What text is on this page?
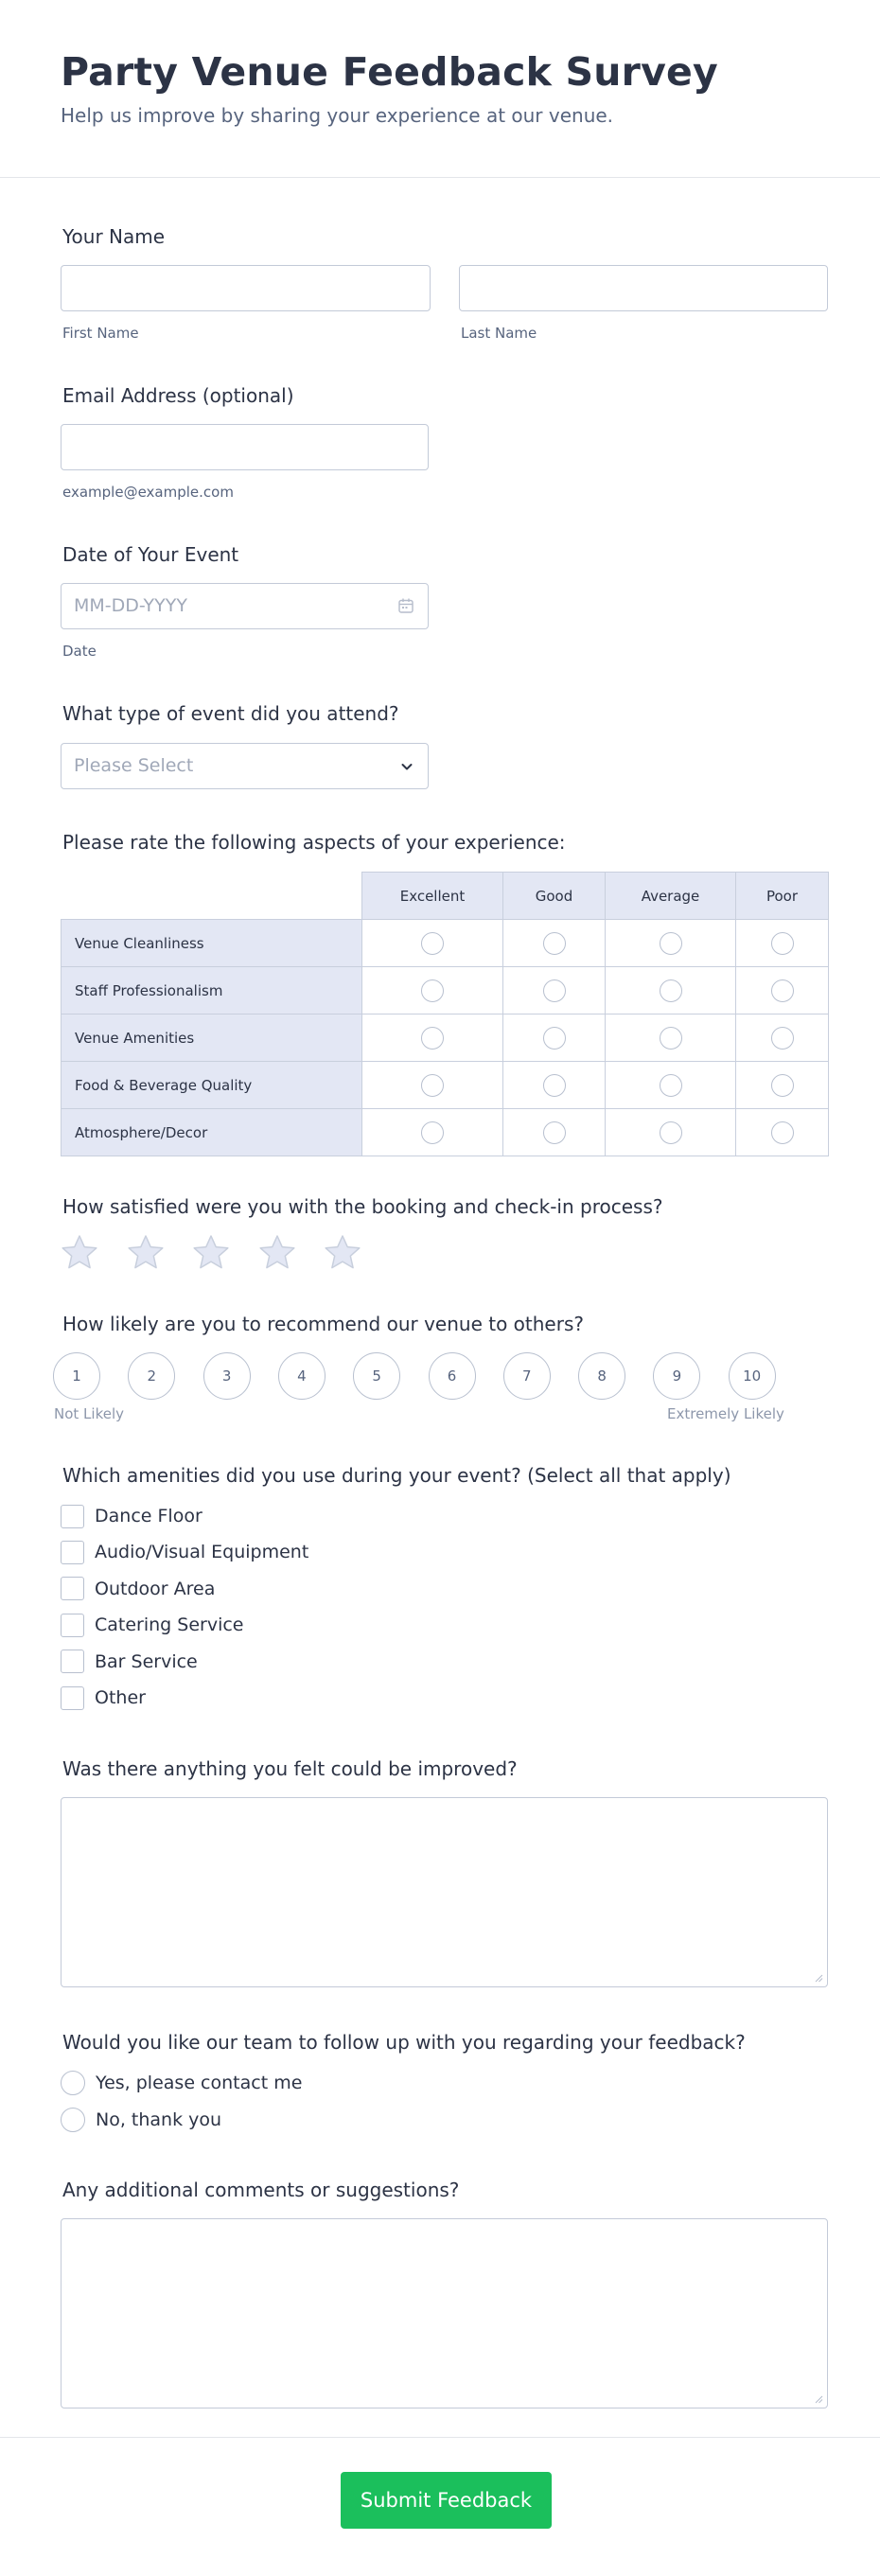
Party Venue Feedback Survey

Help us improve by sharing your experience at our venue.

Your Name
First Name	Last Name
Email Address (optional)
example@example.com
Date of Your Event
MM-DD-YYYY
Date
What type of event did you attend?
Please Select
Please rate the following aspects of your experience:
Excellent	Good	Average	Poor
Venue Cleanliness
Staff Professionalism
Venue Amenities
Food & Beverage Quality
Atmosphere/Decor
How satisfied were you with the booking and check-in process?
How likely are you to recommend our venue to others?
1	2	3	4	5	6	7	8	9	10
Not Likely	Extremely Likely
Which amenities did you use during your event? (Select all that apply)
Dance Floor
Audio/Visual Equipment
Outdoor Area
Catering Service
Bar Service
Other
Was there anything you felt could be improved?
Would you like our team to follow up with you regarding your feedback?
Yes, please contact me
No, thank you
Any additional comments or suggestions?
Submit Feedback
